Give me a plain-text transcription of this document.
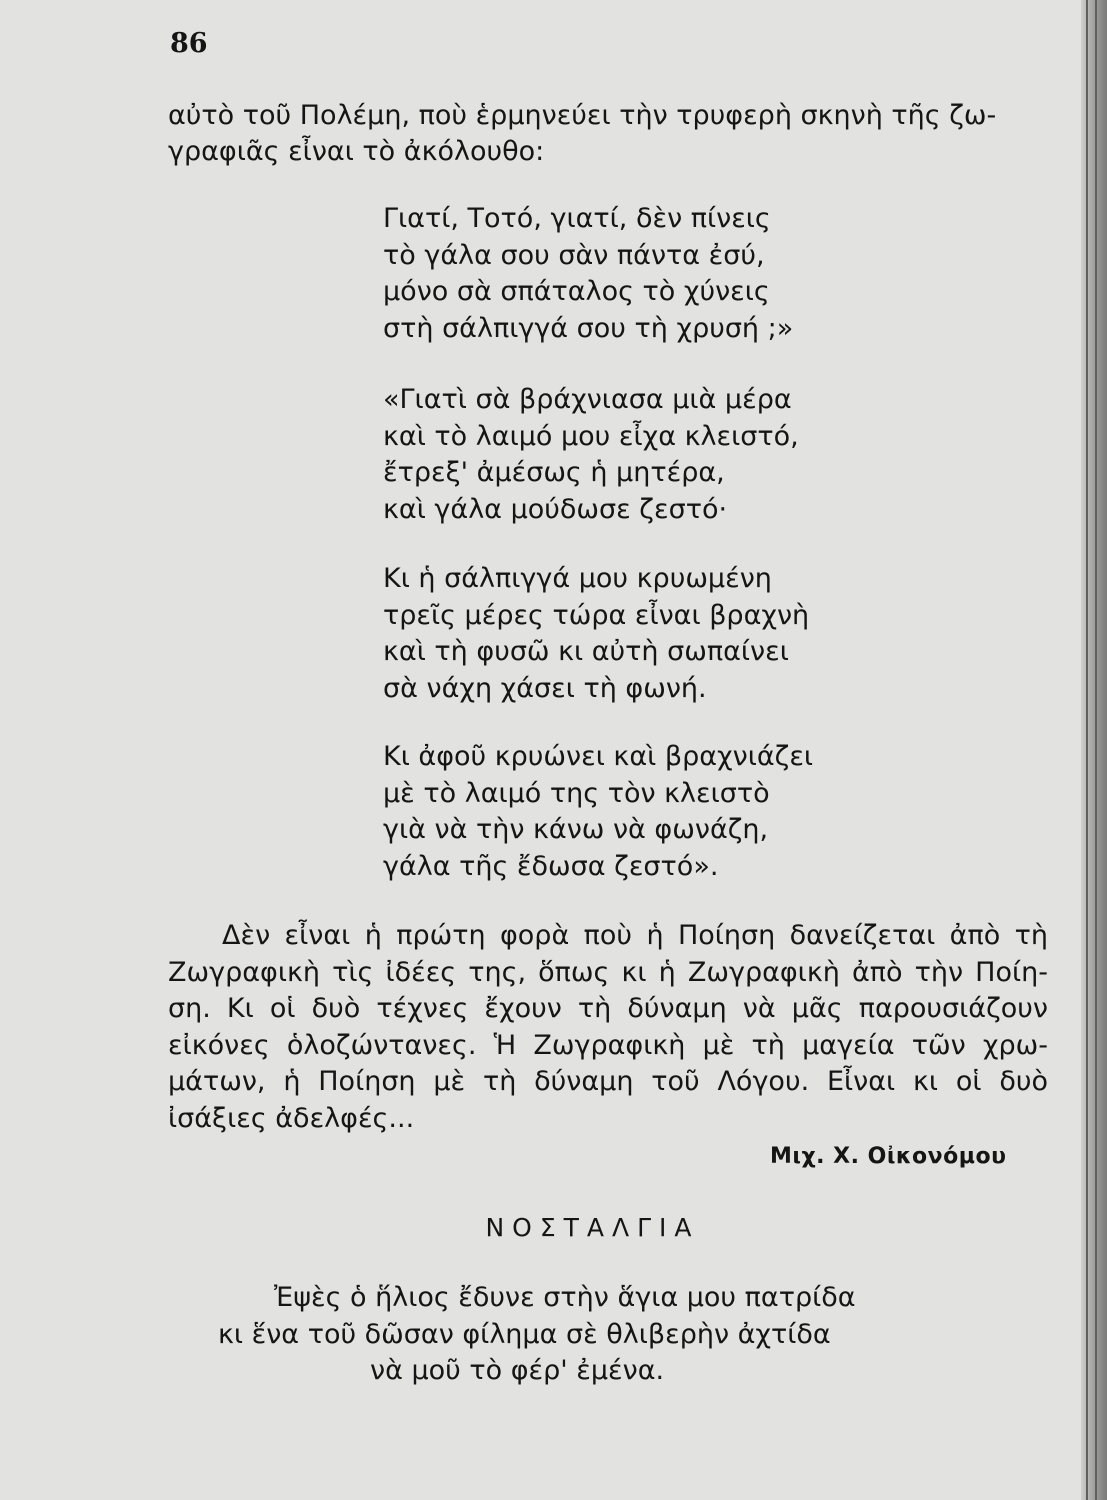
86
αὐτὸ τοῦ Πολέμη, ποὺ ἑρμηνεύει τὴν τρυφερὴ σκηνὴ τῆς ζω-
γραφιᾶς εἶναι τὸ ἀκόλουθο:
Γιατί, Τοτό, γιατί, δὲν πίνεις
τὸ γάλα σου σὰν πάντα ἐσύ,
μόνο σὰ σπάταλος τὸ χύνεις
στὴ σάλπιγγά σου τὴ χρυσή ;»
«Γιατὶ σὰ βράχνιασα μιὰ μέρα
καὶ τὸ λαιμό μου εἶχα κλειστό,
ἔτρεξ' ἀμέσως ἡ μητέρα,
καὶ γάλα μούδωσε ζεστό·
Κι ἡ σάλπιγγά μου κρυωμένη
τρεῖς μέρες τώρα εἶναι βραχνὴ
καὶ τὴ φυσῶ κι αὐτὴ σωπαίνει
σὰ νάχη χάσει τὴ φωνή.
Κι ἀφοῦ κρυώνει καὶ βραχνιάζει
μὲ τὸ λαιμό της τὸν κλειστὸ
γιὰ νὰ τὴν κάνω νὰ φωνάζη,
γάλα τῆς ἔδωσα ζεστό».
Δὲν εἶναι ἡ πρώτη φορὰ ποὺ ἡ Ποίηση δανείζεται ἀπὸ τὴ
Ζωγραφικὴ τὶς ἰδέες της, ὅπως κι ἡ Ζωγραφικὴ ἀπὸ τὴν Ποίη-
ση. Κι οἱ δυὸ τέχνες ἔχουν τὴ δύναμη νὰ μᾶς παρουσιάζουν
εἰκόνες ὁλοζώντανες. Ἡ Ζωγραφικὴ μὲ τὴ μαγεία τῶν χρω-
μάτων, ἡ Ποίηση μὲ τὴ δύναμη τοῦ Λόγου. Εἶναι κι οἱ δυὸ
ἰσάξιες ἀδελφές...
Μιχ. Χ. Οἰκονόμου
ΝΟΣΤΑΛΓΙΑ
Ἐψὲς ὁ ἥλιος ἔδυνε στὴν ἅγια μου πατρίδα
κι ἕνα τοῦ δῶσαν φίλημα σὲ θλιβερὴν ἀχτίδα
νὰ μοῦ τὸ φέρ' ἐμένα.
